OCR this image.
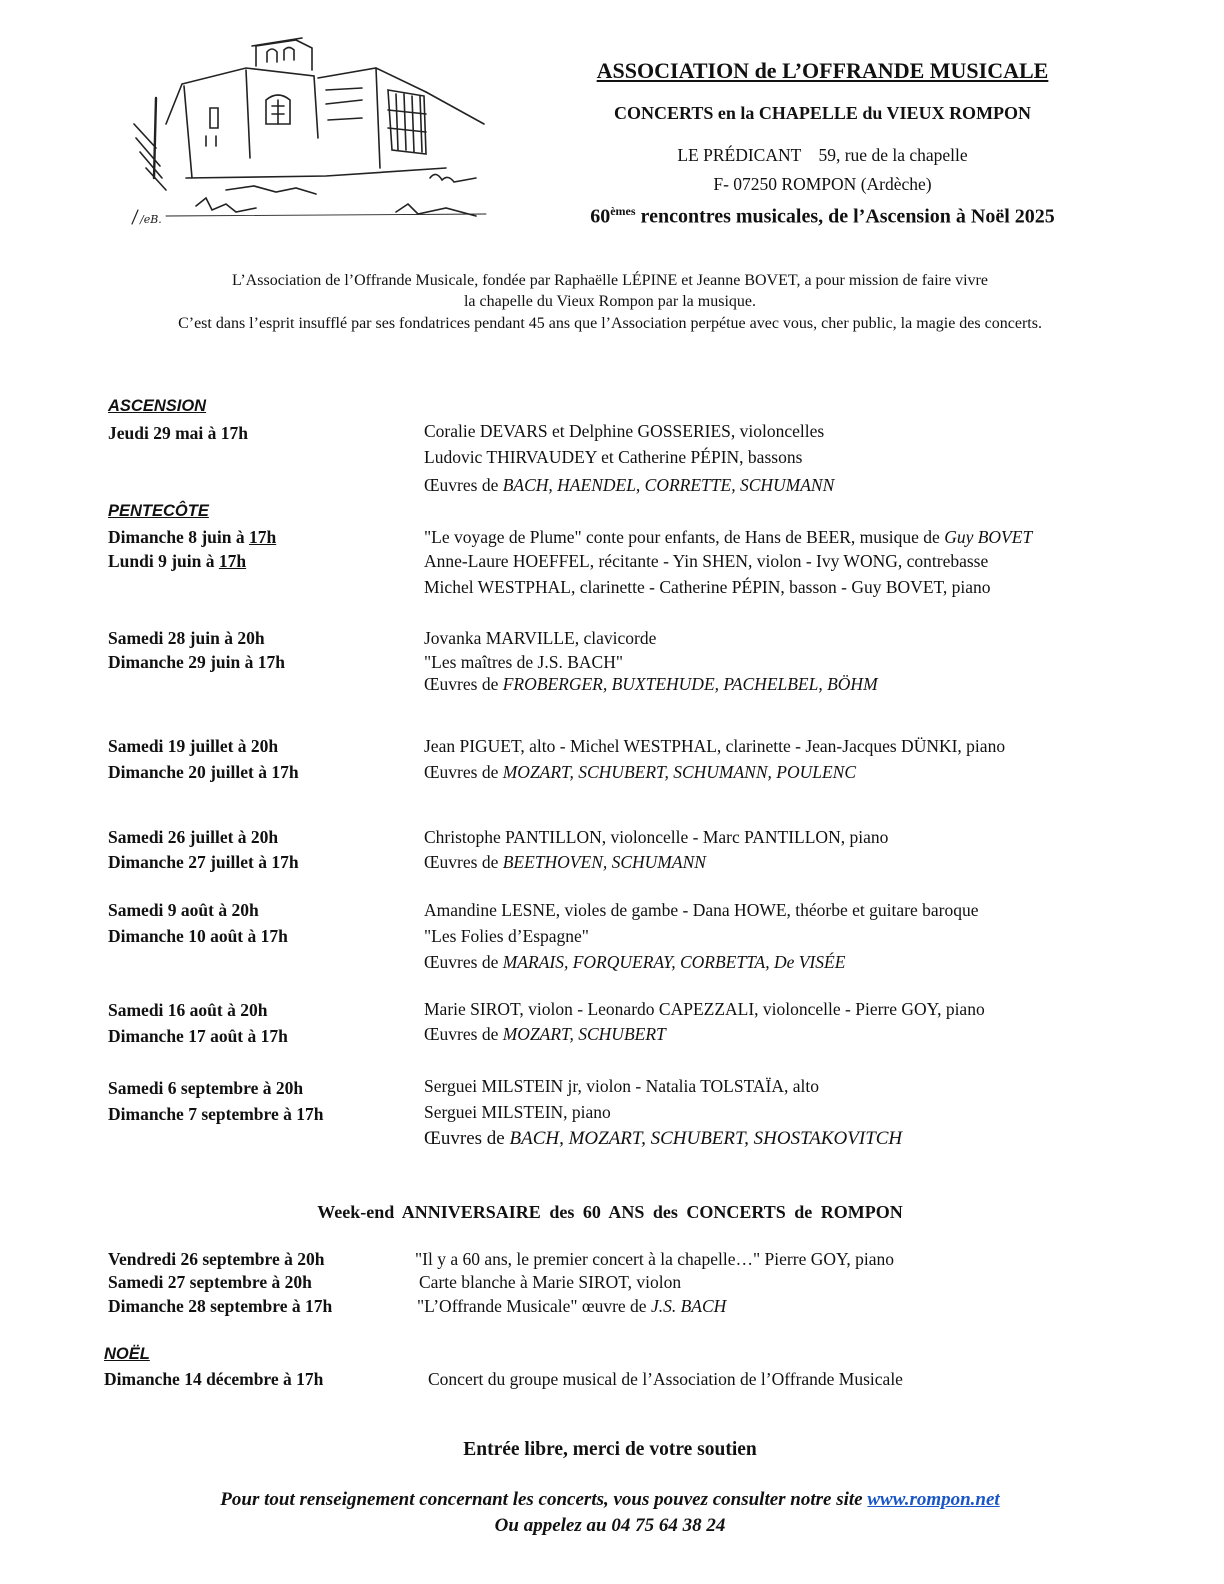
/eB.
ASSOCIATION de L’OFFRANDE MUSICALE
CONCERTS en la CHAPELLE du VIEUX ROMPON
LE PRÉDICANT    59, rue de la chapelle
F- 07250 ROMPON (Ardèche)
60èmes rencontres musicales, de l’Ascension à Noël 2025
L’Association de l’Offrande Musicale, fondée par Raphaëlle LÉPINE et Jeanne BOVET, a pour mission de faire vivre
la chapelle du Vieux Rompon par la musique.
C’est dans l’esprit insufflé par ses fondatrices pendant 45 ans que l’Association perpétue avec vous, cher public, la magie des concerts.
ASCENSION
Jeudi 29 mai à 17h	Coralie DEVARS et Delphine GOSSERIES, violoncelles
Ludovic THIRVAUDEY et Catherine PÉPIN, bassons
Œuvres de BACH, HAENDEL, CORRETTE, SCHUMANN
PENTECÔTE
Dimanche 8 juin à 17h
Lundi 9 juin à 17h
"Le voyage de Plume" conte pour enfants, de Hans de BEER, musique de Guy BOVET
Anne-Laure HOEFFEL, récitante - Yin SHEN, violon - Ivy WONG, contrebasse
Michel WESTPHAL, clarinette - Catherine PÉPIN, basson - Guy BOVET, piano
Samedi 28 juin à 20h
Dimanche 29 juin à 17h
Jovanka MARVILLE, clavicorde
"Les maîtres de J.S. BACH"
Œuvres de FROBERGER, BUXTEHUDE, PACHELBEL, BÖHM
Samedi 19 juillet à 20h
Dimanche 20 juillet à 17h
Jean PIGUET, alto - Michel WESTPHAL, clarinette - Jean-Jacques DÜNKI, piano
Œuvres de MOZART, SCHUBERT, SCHUMANN, POULENC
Samedi 26 juillet à 20h
Dimanche 27 juillet à 17h
Christophe PANTILLON, violoncelle - Marc PANTILLON, piano
Œuvres de BEETHOVEN, SCHUMANN
Samedi 9 août à 20h
Dimanche 10 août à 17h
Amandine LESNE, violes de gambe - Dana HOWE, théorbe et guitare baroque
"Les Folies d’Espagne"
Œuvres de MARAIS, FORQUERAY, CORBETTA, De VISÉE
Samedi 16 août à 20h
Dimanche 17 août à 17h
Marie SIROT, violon - Leonardo CAPEZZALI, violoncelle - Pierre GOY, piano
Œuvres de MOZART, SCHUBERT
Samedi 6 septembre à 20h
Dimanche 7 septembre à 17h
Serguei MILSTEIN jr, violon - Natalia TOLSTAÏA, alto
Serguei MILSTEIN, piano
Œuvres de BACH, MOZART, SCHUBERT, SHOSTAKOVITCH
Week-end ANNIVERSAIRE des 60 ANS des CONCERTS de ROMPON
Vendredi 26 septembre à 20h
Samedi 27 septembre à 20h
Dimanche 28 septembre à 17h
"Il y a 60 ans, le premier concert à la chapelle…" Pierre GOY, piano
Carte blanche à Marie SIROT, violon
"L’Offrande Musicale" œuvre de J.S. BACH
NOËL
Dimanche 14 décembre à 17h	Concert du groupe musical de l’Association de l’Offrande Musicale
Entrée libre, merci de votre soutien
Pour tout renseignement concernant les concerts, vous pouvez consulter notre site www.rompon.net
Ou appelez au 04 75 64 38 24
